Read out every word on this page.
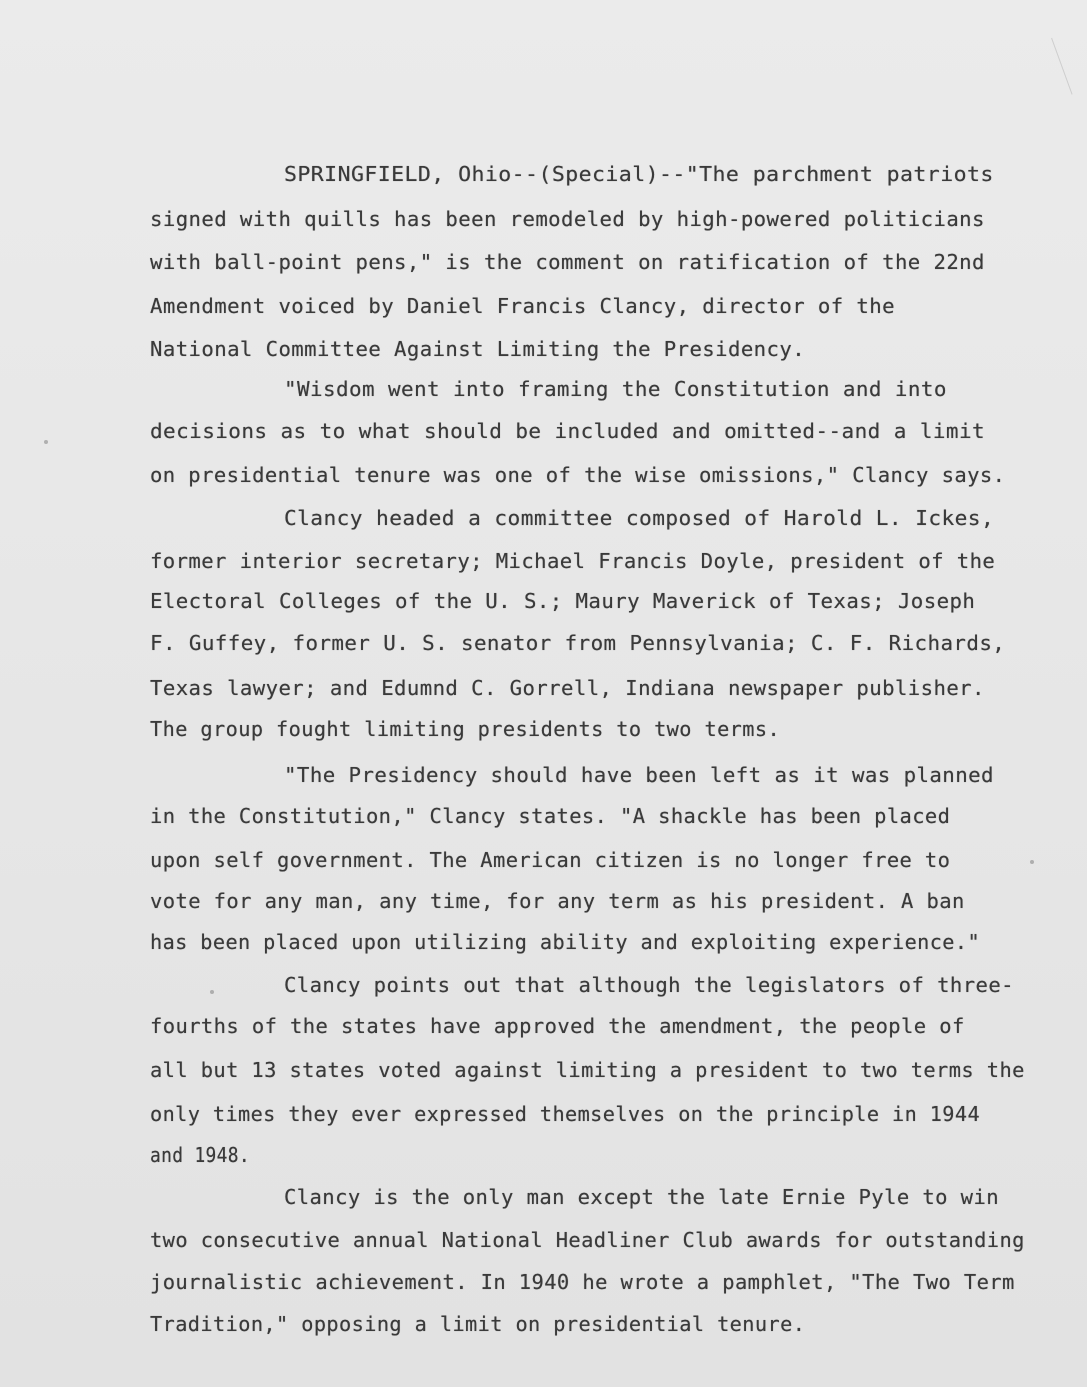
SPRINGFIELD, Ohio--(Special)--"The parchment patriots
signed with quills has been remodeled by high-powered politicians
with ball-point pens," is the comment on ratification of the 22nd
Amendment voiced by Daniel Francis Clancy, director of the
National Committee Against Limiting the Presidency.
"Wisdom went into framing the Constitution and into
decisions as to what should be included and omitted--and a limit
on presidential tenure was one of the wise omissions," Clancy says.
Clancy headed a committee composed of Harold L. Ickes,
former interior secretary; Michael Francis Doyle, president of the
Electoral Colleges of the U. S.; Maury Maverick of Texas; Joseph
F. Guffey, former U. S. senator from Pennsylvania; C. F. Richards,
Texas lawyer; and Edumnd C. Gorrell, Indiana newspaper publisher.
The group fought limiting presidents to two terms.
"The Presidency should have been left as it was planned
in the Constitution," Clancy states. "A shackle has been placed
upon self government. The American citizen is no longer free to
vote for any man, any time, for any term as his president. A ban
has been placed upon utilizing ability and exploiting experience."
Clancy points out that although the legislators of three-
fourths of the states have approved the amendment, the people of
all but 13 states voted against limiting a president to two terms the
only times they ever expressed themselves on the principle in 1944
and 1948.
Clancy is the only man except the late Ernie Pyle to win
two consecutive annual National Headliner Club awards for outstanding
journalistic achievement. In 1940 he wrote a pamphlet, "The Two Term
Tradition," opposing a limit on presidential tenure.
